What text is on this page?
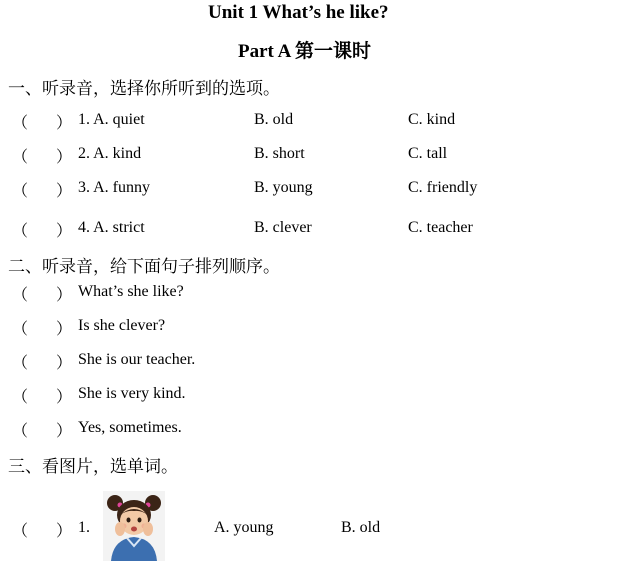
Unit 1 What’s he like?
Part A 第一课时
一、听录音，选择你所听到的选项。
（ ） 1. A. quiet	B. old	C. kind
（ ） 2. A. kind	B. short	C. tall
（ ） 3. A. funny	B. young	C. friendly
（ ） 4. A. strict	B. clever	C. teacher
二、听录音，给下面句子排列顺序。
（ ） What’s she like?
（ ） Is she clever?
（ ） She is our teacher.
（ ） She is very kind.
（ ） Yes, sometimes.
三、看图片，选单词。
（ ） 1.	A. young	B. old
